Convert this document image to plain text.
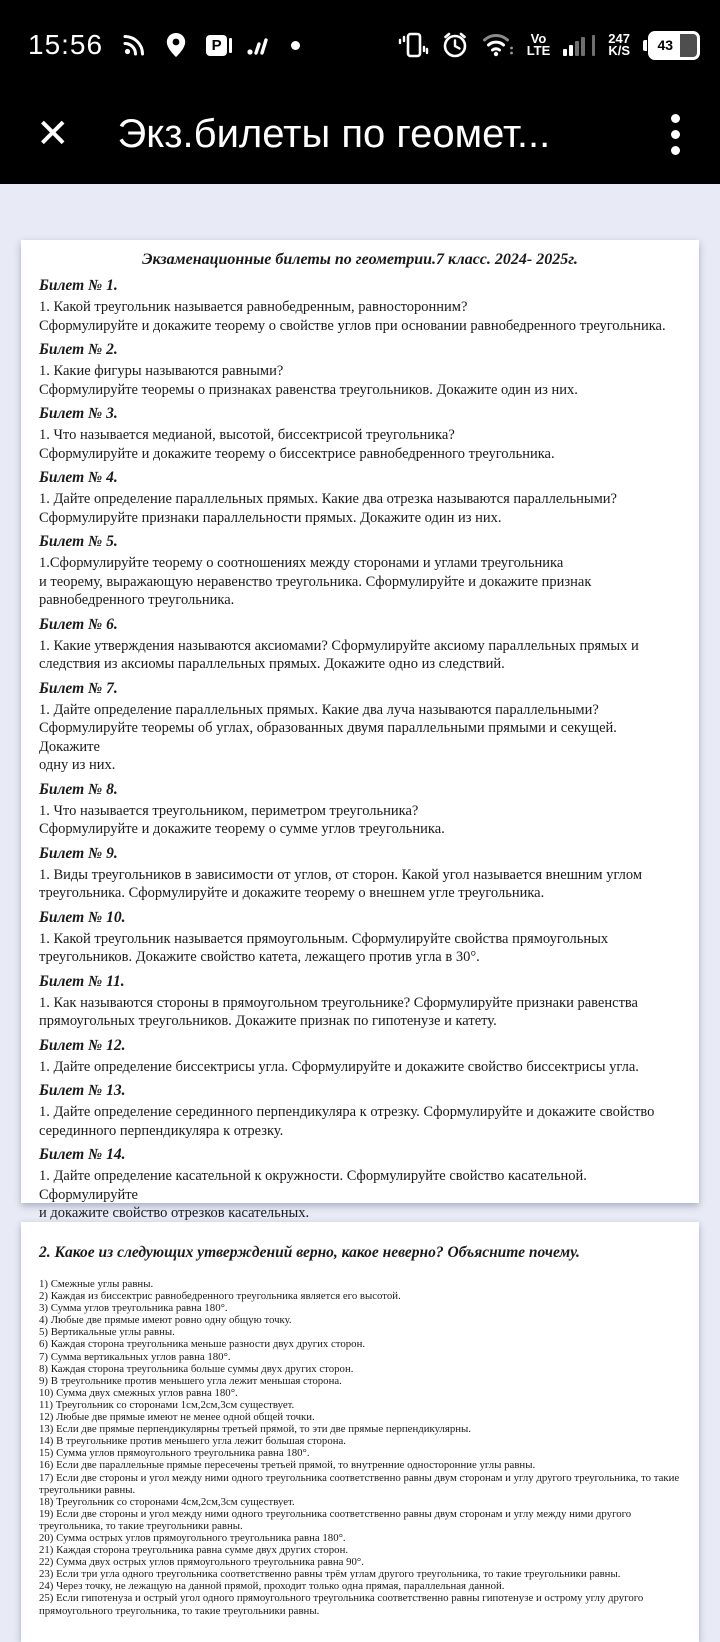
15:56	P	Vo
LTE
247
K/S	43
✕ Экз.билеты по геомет...
Экзаменационные билеты по геометрии.7 класс. 2024- 2025г.
Билет № 1.
1. Какой треугольник называется равнобедренным, равносторонним?
Сформулируйте и докажите теорему о свойстве углов при основании равнобедренного треугольника.
Билет № 2.
1. Какие фигуры называются равными?
Сформулируйте теоремы о признаках равенства треугольников. Докажите один из них.
Билет № 3.
1. Что называется медианой, высотой, биссектрисой треугольника?
Сформулируйте и докажите теорему о биссектрисе равнобедренного треугольника.
Билет № 4.
1. Дайте определение параллельных прямых. Какие два отрезка называются параллельными?
Сформулируйте признаки параллельности прямых. Докажите один из них.
Билет № 5.
1.Сформулируйте теорему о соотношениях между сторонами и углами треугольника
и теорему, выражающую неравенство треугольника. Сформулируйте и докажите признак
равнобедренного треугольника.
Билет № 6.
1. Какие утверждения называются аксиомами? Сформулируйте аксиому параллельных прямых и
следствия из аксиомы параллельных прямых. Докажите одно из следствий.
Билет № 7.
1. Дайте определение параллельных прямых. Какие два луча называются параллельными?
Сформулируйте теоремы об углах, образованных двумя параллельными прямыми и секущей. Докажите
одну из них.
Билет № 8.
1. Что называется треугольником, периметром треугольника?
Сформулируйте и докажите теорему о сумме углов треугольника.
Билет № 9.
1. Виды треугольников в зависимости от углов, от сторон. Какой угол называется внешним углом
треугольника. Сформулируйте и докажите теорему о внешнем угле треугольника.
Билет № 10.
1. Какой треугольник называется прямоугольным. Сформулируйте свойства прямоугольных
треугольников. Докажите свойство катета, лежащего против угла в 30°.
Билет № 11.
1. Как называются стороны в прямоугольном треугольнике? Сформулируйте признаки равенства
прямоугольных треугольников. Докажите признак по гипотенузе и катету.
Билет № 12.
1. Дайте определение биссектрисы угла. Сформулируйте и докажите свойство биссектрисы угла.
Билет № 13.
1. Дайте определение серединного перпендикуляра к отрезку. Сформулируйте и докажите свойство
серединного перпендикуляра к отрезку.
Билет № 14.
1. Дайте определение касательной к окружности. Сформулируйте свойство касательной. Сформулируйте
и докажите свойство отрезков касательных.
2. Какое из следующих утверждений верно, какое неверно? Объясните почему.
1) Смежные углы равны.
2) Каждая из биссектрис равнобедренного треугольника является его высотой.
3) Сумма углов треугольника равна 180°.
4) Любые две прямые имеют ровно одну общую точку.
5) Вертикальные углы равны.
6) Каждая сторона треугольника меньше разности двух других сторон.
7) Сумма вертикальных углов равна 180°.
8) Каждая сторона треугольника больше суммы двух других сторон.
9) В треугольнике против меньшего угла лежит меньшая сторона.
10) Сумма двух смежных углов равна 180°.
11) Треугольник со сторонами 1см,2см,3см существует.
12) Любые две прямые имеют не менее одной общей точки.
13) Если две прямые перпендикулярны третьей прямой, то эти две прямые перпендикулярны.
14) В треугольнике против меньшего угла лежит большая сторона.
15) Сумма углов прямоугольного треугольника равна 180°.
16) Если две параллельные прямые пересечены третьей прямой, то внутренние односторонние углы равны.
17) Если две стороны и угол между ними одного треугольника соответственно равны двум сторонам и углу другого треугольника, то такие треугольники равны.
18) Треугольник со сторонами 4см,2см,3см существует.
19) Если две стороны и угол между ними одного треугольника соответственно равны двум сторонам и углу между ними другого треугольника, то такие треугольники равны.
20) Сумма острых углов прямоугольного треугольника равна 180°.
21) Каждая сторона треугольника равна сумме двух других сторон.
22) Сумма двух острых углов прямоугольного треугольника равна 90°.
23) Если три угла одного треугольника соответственно равны трём углам другого треугольника, то такие треугольники равны.
24) Через точку, не лежащую на данной прямой, проходит только одна прямая, параллельная данной.
25) Если гипотенуза и острый угол одного прямоугольного треугольника соответственно равны гипотенузе и острому углу другого прямоугольного треугольника, то такие треугольники равны.
